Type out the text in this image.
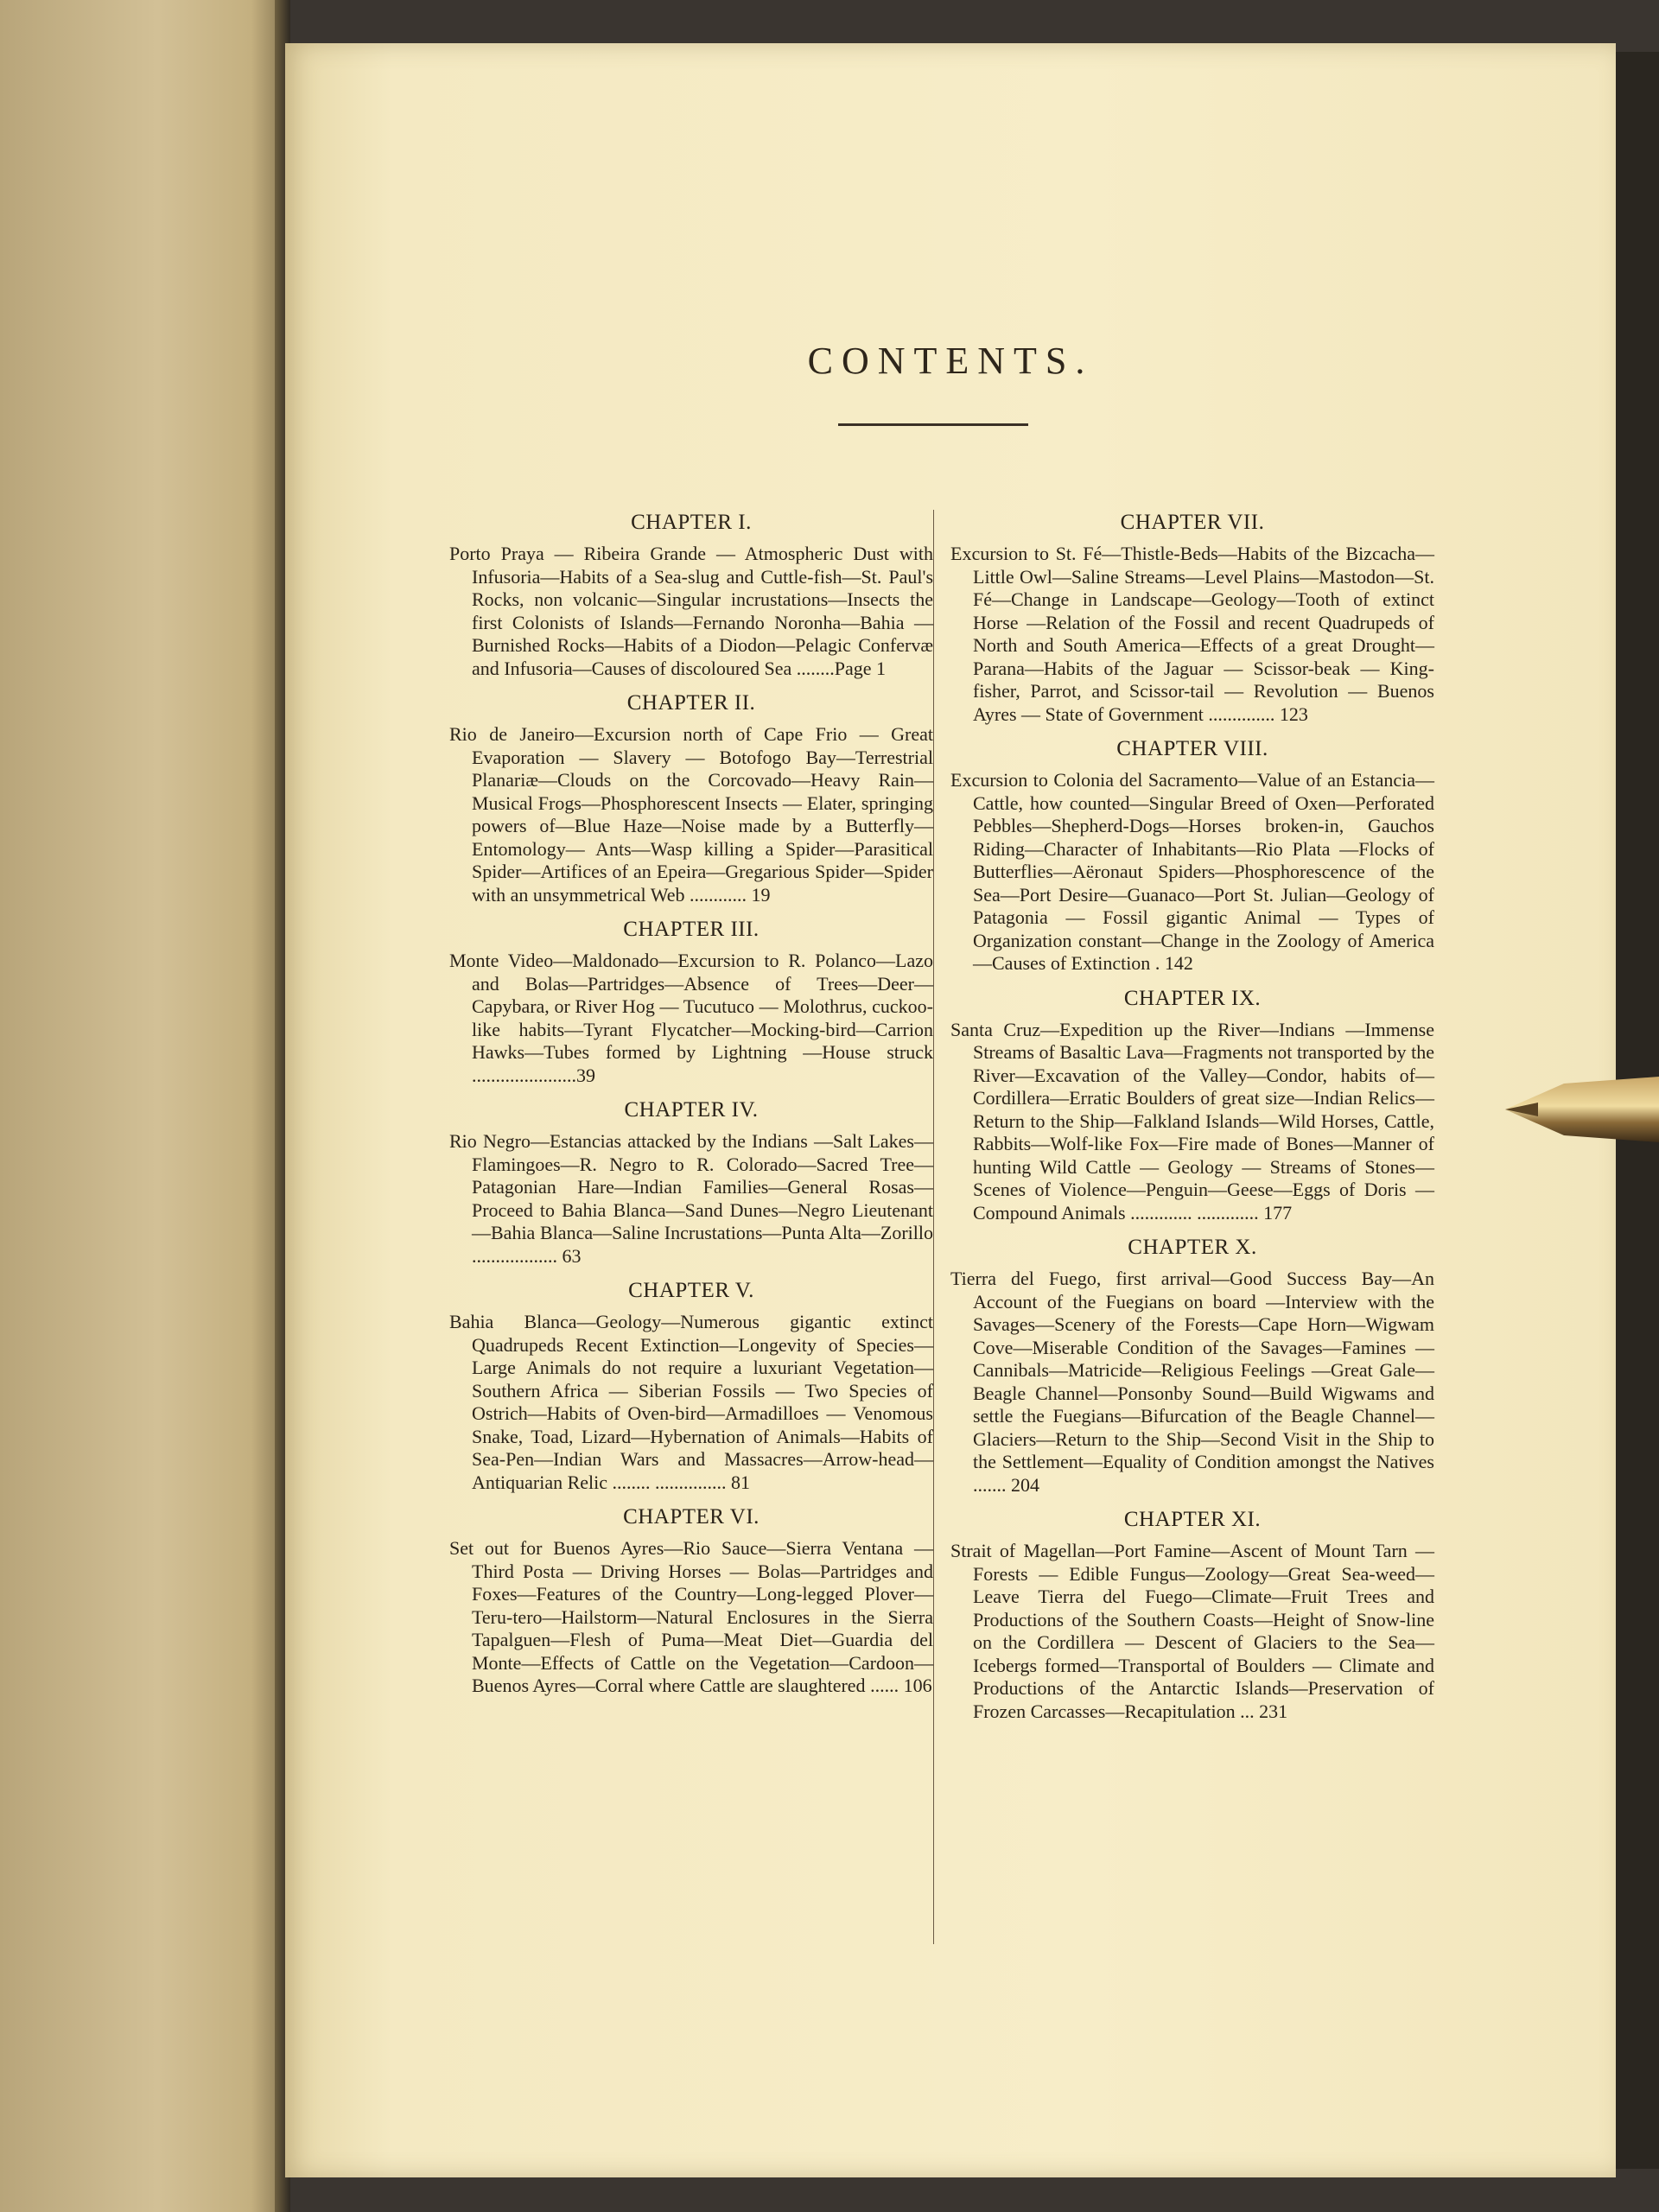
CONTENTS.
CHAPTER I.
Porto Praya — Ribeira Grande — Atmospheric Dust with Infusoria—Habits of a Sea-slug and Cuttle-fish—St. Paul's Rocks, non volcanic—Singular incrustations—Insects the first Colonists of Islands—Fernando Noronha—Bahia —Burnished Rocks—Habits of a Diodon—Pelagic Confervæ and Infusoria—Causes of discoloured Sea ........Page 1
CHAPTER II.
Rio de Janeiro—Excursion north of Cape Frio — Great Evaporation — Slavery — Botofogo Bay—Terrestrial Planariæ—Clouds on the Corcovado—Heavy Rain—Musical Frogs—Phosphorescent Insects — Elater, springing powers of—Blue Haze—Noise made by a Butterfly— Entomology— Ants—Wasp killing a Spider—Parasitical Spider—Artifices of an Epeira—Gregarious Spider—Spider with an unsymmetrical Web ............ 19
CHAPTER III.
Monte Video—Maldonado—Excursion to R. Polanco—Lazo and Bolas—Partridges—Absence of Trees—Deer—Capybara, or River Hog — Tucutuco — Molothrus, cuckoo-like habits—Tyrant Flycatcher—Mocking-bird—Carrion Hawks—Tubes formed by Lightning —House struck ......................39
CHAPTER IV.
Rio Negro—Estancias attacked by the Indians —Salt Lakes—Flamingoes—R. Negro to R. Colorado—Sacred Tree—Patagonian Hare—Indian Families—General Rosas—Proceed to Bahia Blanca—Sand Dunes—Negro Lieutenant—Bahia Blanca—Saline Incrustations—Punta Alta—Zorillo .................. 63
CHAPTER V.
Bahia Blanca—Geology—Numerous gigantic extinct Quadrupeds Recent Extinction—Longevity of Species—Large Animals do not require a luxuriant Vegetation—Southern Africa — Siberian Fossils — Two Species of Ostrich—Habits of Oven-bird—Armadilloes — Venomous Snake, Toad, Lizard—Hybernation of Animals—Habits of Sea-Pen—Indian Wars and Massacres—Arrow-head—Antiquarian Relic ........ ............... 81
CHAPTER VI.
Set out for Buenos Ayres—Rio Sauce—Sierra Ventana — Third Posta — Driving Horses — Bolas—Partridges and Foxes—Features of the Country—Long-legged Plover—Teru-tero—Hailstorm—Natural Enclosures in the Sierra Tapalguen—Flesh of Puma—Meat Diet—Guardia del Monte—Effects of Cattle on the Vegetation—Cardoon—Buenos Ayres—Corral where Cattle are slaughtered ...... 106
CHAPTER VII.
Excursion to St. Fé—Thistle-Beds—Habits of the Bizcacha—Little Owl—Saline Streams—Level Plains—Mastodon—St. Fé—Change in Landscape—Geology—Tooth of extinct Horse —Relation of the Fossil and recent Quadrupeds of North and South America—Effects of a great Drought—Parana—Habits of the Jaguar — Scissor-beak — King-fisher, Parrot, and Scissor-tail — Revolution — Buenos Ayres — State of Government .............. 123
CHAPTER VIII.
Excursion to Colonia del Sacramento—Value of an Estancia—Cattle, how counted—Singular Breed of Oxen—Perforated Pebbles—Shepherd-Dogs—Horses broken-in, Gauchos Riding—Character of Inhabitants—Rio Plata —Flocks of Butterflies—Aëronaut Spiders—Phosphorescence of the Sea—Port Desire—Guanaco—Port St. Julian—Geology of Patagonia — Fossil gigantic Animal — Types of Organization constant—Change in the Zoology of America—Causes of Extinction . 142
CHAPTER IX.
Santa Cruz—Expedition up the River—Indians —Immense Streams of Basaltic Lava—Fragments not transported by the River—Excavation of the Valley—Condor, habits of—Cordillera—Erratic Boulders of great size—Indian Relics—Return to the Ship—Falkland Islands—Wild Horses, Cattle, Rabbits—Wolf-like Fox—Fire made of Bones—Manner of hunting Wild Cattle — Geology — Streams of Stones—Scenes of Violence—Penguin—Geese—Eggs of Doris —Compound Animals ............. ............. 177
CHAPTER X.
Tierra del Fuego, first arrival—Good Success Bay—An Account of the Fuegians on board —Interview with the Savages—Scenery of the Forests—Cape Horn—Wigwam Cove—Miserable Condition of the Savages—Famines —Cannibals—Matricide—Religious Feelings —Great Gale—Beagle Channel—Ponsonby Sound—Build Wigwams and settle the Fuegians—Bifurcation of the Beagle Channel—Glaciers—Return to the Ship—Second Visit in the Ship to the Settlement—Equality of Condition amongst the Natives ....... 204
CHAPTER XI.
Strait of Magellan—Port Famine—Ascent of Mount Tarn — Forests — Edible Fungus—Zoology—Great Sea-weed—Leave Tierra del Fuego—Climate—Fruit Trees and Productions of the Southern Coasts—Height of Snow-line on the Cordillera — Descent of Glaciers to the Sea—Icebergs formed—Transportal of Boulders — Climate and Productions of the Antarctic Islands—Preservation of Frozen Carcasses—Recapitulation ... 231
